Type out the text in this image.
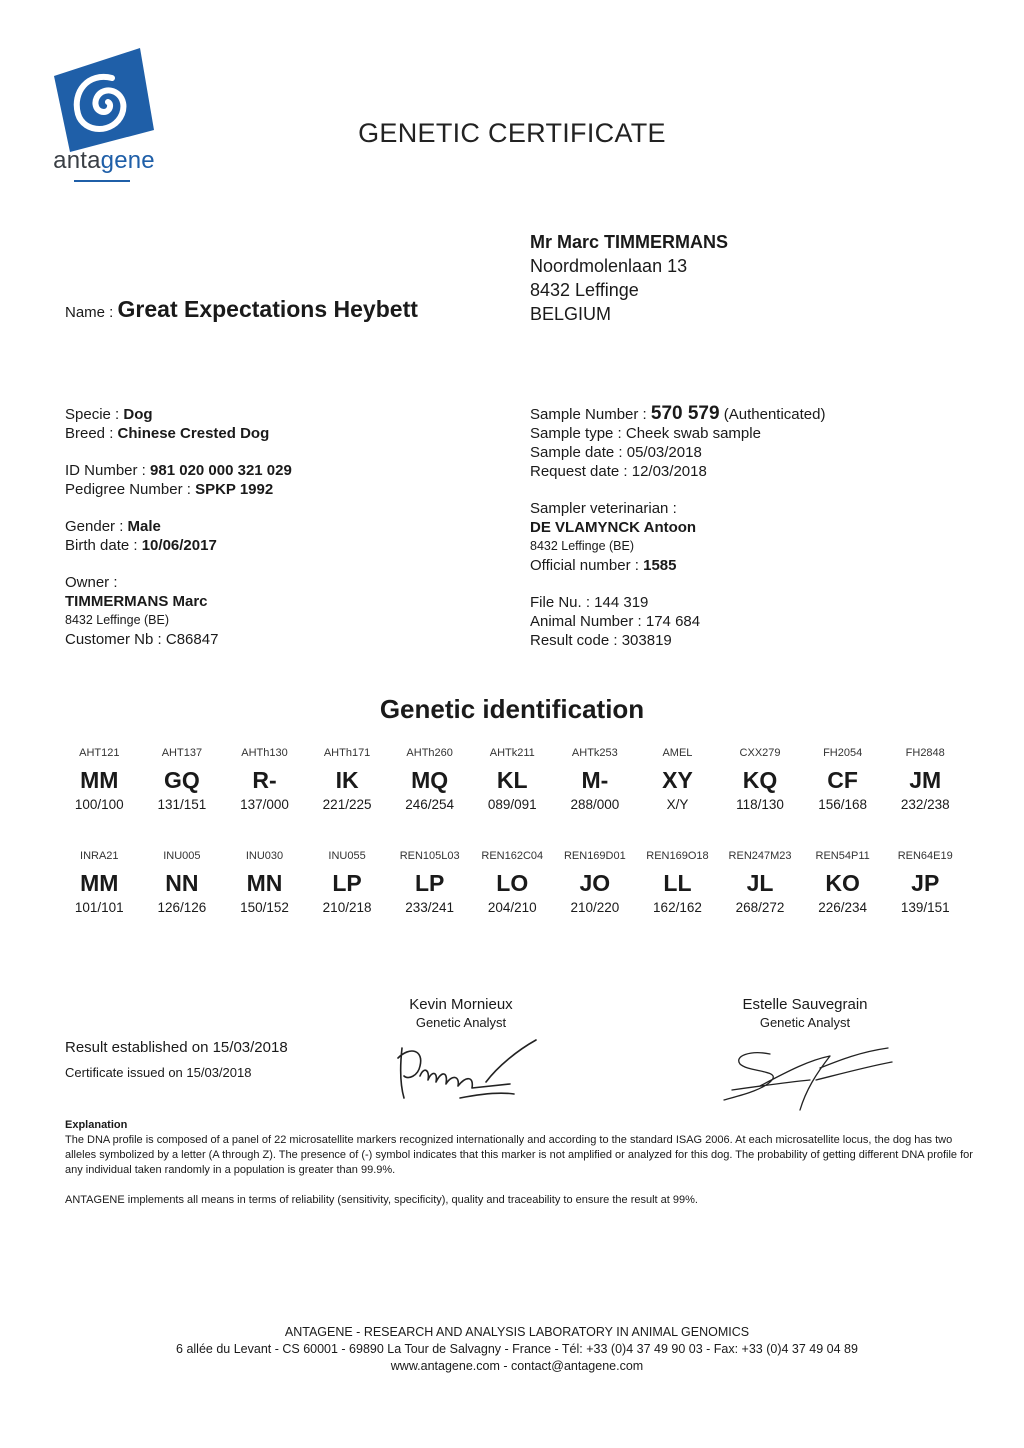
antagene
GENETIC CERTIFICATE
Mr Marc TIMMERMANS
Noordmolenlaan 13
8432 Leffinge
BELGIUM
Name : Great Expectations Heybett
Specie : Dog
Breed : Chinese Crested Dog
ID Number : 981 020 000 321 029
Pedigree Number : SPKP 1992
Gender : Male
Birth date : 10/06/2017
Owner :
TIMMERMANS Marc
8432 Leffinge (BE)
Customer Nb : C86847
Sample Number : 570 579 (Authenticated)
Sample type : Cheek swab sample
Sample date : 05/03/2018
Request date : 12/03/2018
Sampler veterinarian :
DE VLAMYNCK Antoon
8432 Leffinge (BE)
Official number : 1585
File Nu. : 144 319
Animal Number : 174 684
Result code : 303819
Genetic identification
AHT121
MM
100/100
AHT137
GQ
131/151
AHTh130
R-
137/000
AHTh171
IK
221/225
AHTh260
MQ
246/254
AHTk211
KL
089/091
AHTk253
M-
288/000
AMEL
XY
X/Y
CXX279
KQ
118/130
FH2054
CF
156/168
FH2848
JM
232/238
INRA21
MM
101/101
INU005
NN
126/126
INU030
MN
150/152
INU055
LP
210/218
REN105L03
LP
233/241
REN162C04
LO
204/210
REN169D01
JO
210/220
REN169O18
LL
162/162
REN247M23
JL
268/272
REN54P11
KO
226/234
REN64E19
JP
139/151
Kevin Mornieux
Genetic Analyst
Estelle Sauvegrain
Genetic Analyst
Result established on 15/03/2018
Certificate issued on 15/03/2018
Explanation

The DNA profile is composed of a panel of 22 microsatellite markers recognized internationally and according to the standard ISAG 2006. At each microsatellite locus, the dog has two alleles symbolized by a letter (A through Z). The presence of (-) symbol indicates that this marker is not amplified or analyzed for this dog. The probability of getting different DNA profile for any individual taken randomly in a population is greater than 99.9%.

ANTAGENE implements all means in terms of reliability (sensitivity, specificity), quality and traceability to ensure the result at 99%.

ANTAGENE - RESEARCH AND ANALYSIS LABORATORY IN ANIMAL GENOMICS
6 allée du Levant - CS 60001 - 69890 La Tour de Salvagny - France - Tél: +33 (0)4 37 49 90 03 - Fax: +33 (0)4 37 49 04 89
www.antagene.com - contact@antagene.com
